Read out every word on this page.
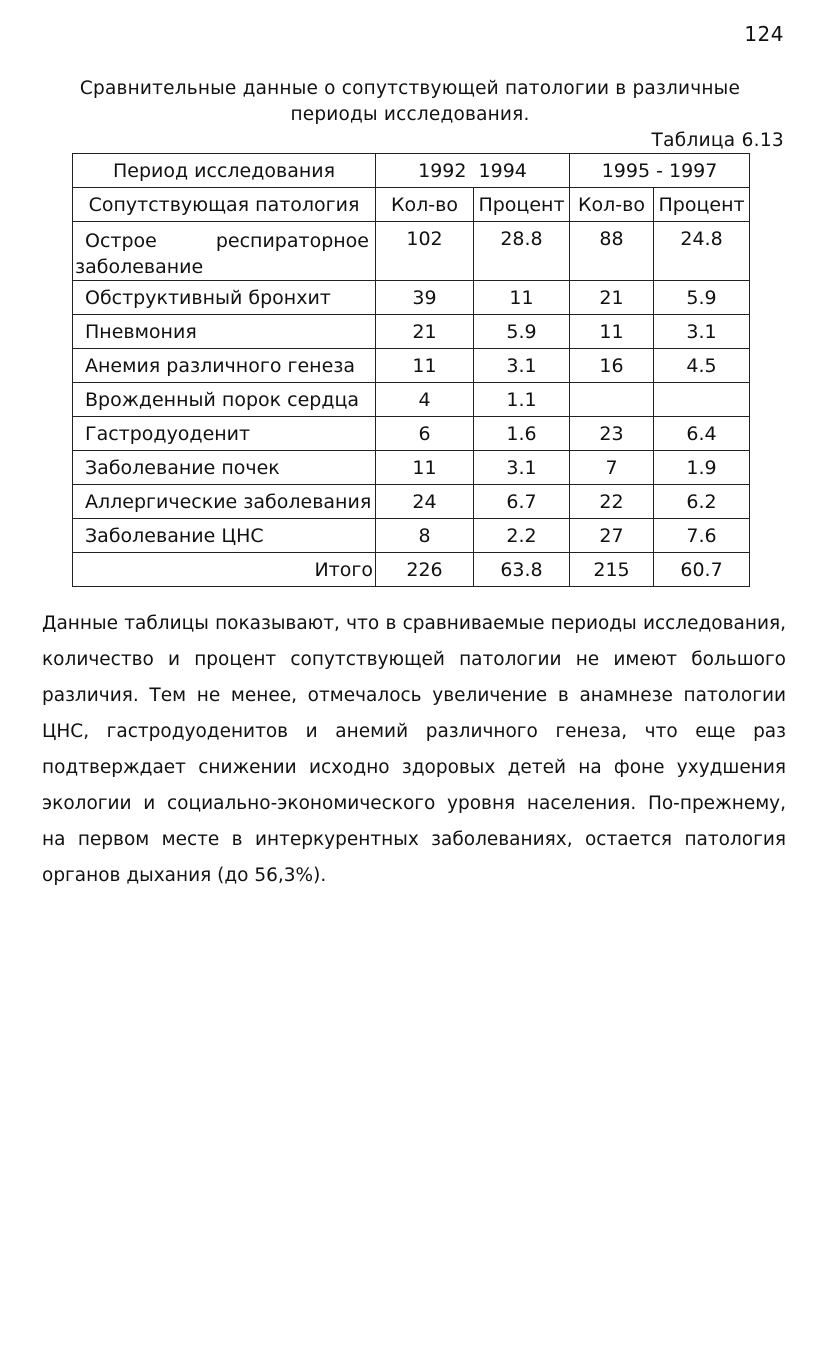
124
Сравнительные данные о сопутствующей патологии в различные периоды исследования.
Таблица 6.13
Период исследования	1992  1994		1995 - 1997	
Сопутствующая патология	Кол-во	Процент	Кол-во	Процент

Острое респираторное
заболевание	102	28.8	88	24.8
Обструктивный бронхит	39	11	21	5.9
Пневмония	21	5.9	11	3.1
Анемия различного генеза	11	3.1	16	4.5
Врожденный порок сердца	4	1.1		
Гастродуоденит	6	1.6	23	6.4
Заболевание почек	11	3.1	7	1.9
Аллергические заболевания	24	6.7	22	6.2
Заболевание ЦНС	8	2.2	27	7.6
Итого	226	63.8	215	60.7
Данные таблицы показывают, что в сравниваемые периоды исследования, количество и процент сопутствующей патологии не имеют большого различия. Тем не менее, отмечалось увеличение в анамнезе патологии ЦНС, гастродуоденитов и анемий различного генеза, что еще раз подтверждает снижении исходно здоровых детей на фоне ухудшения экологии и социально-экономического уровня населения. По-прежнему, на первом месте в интеркурентных заболеваниях, остается патология органов дыхания (до 56,3%).
